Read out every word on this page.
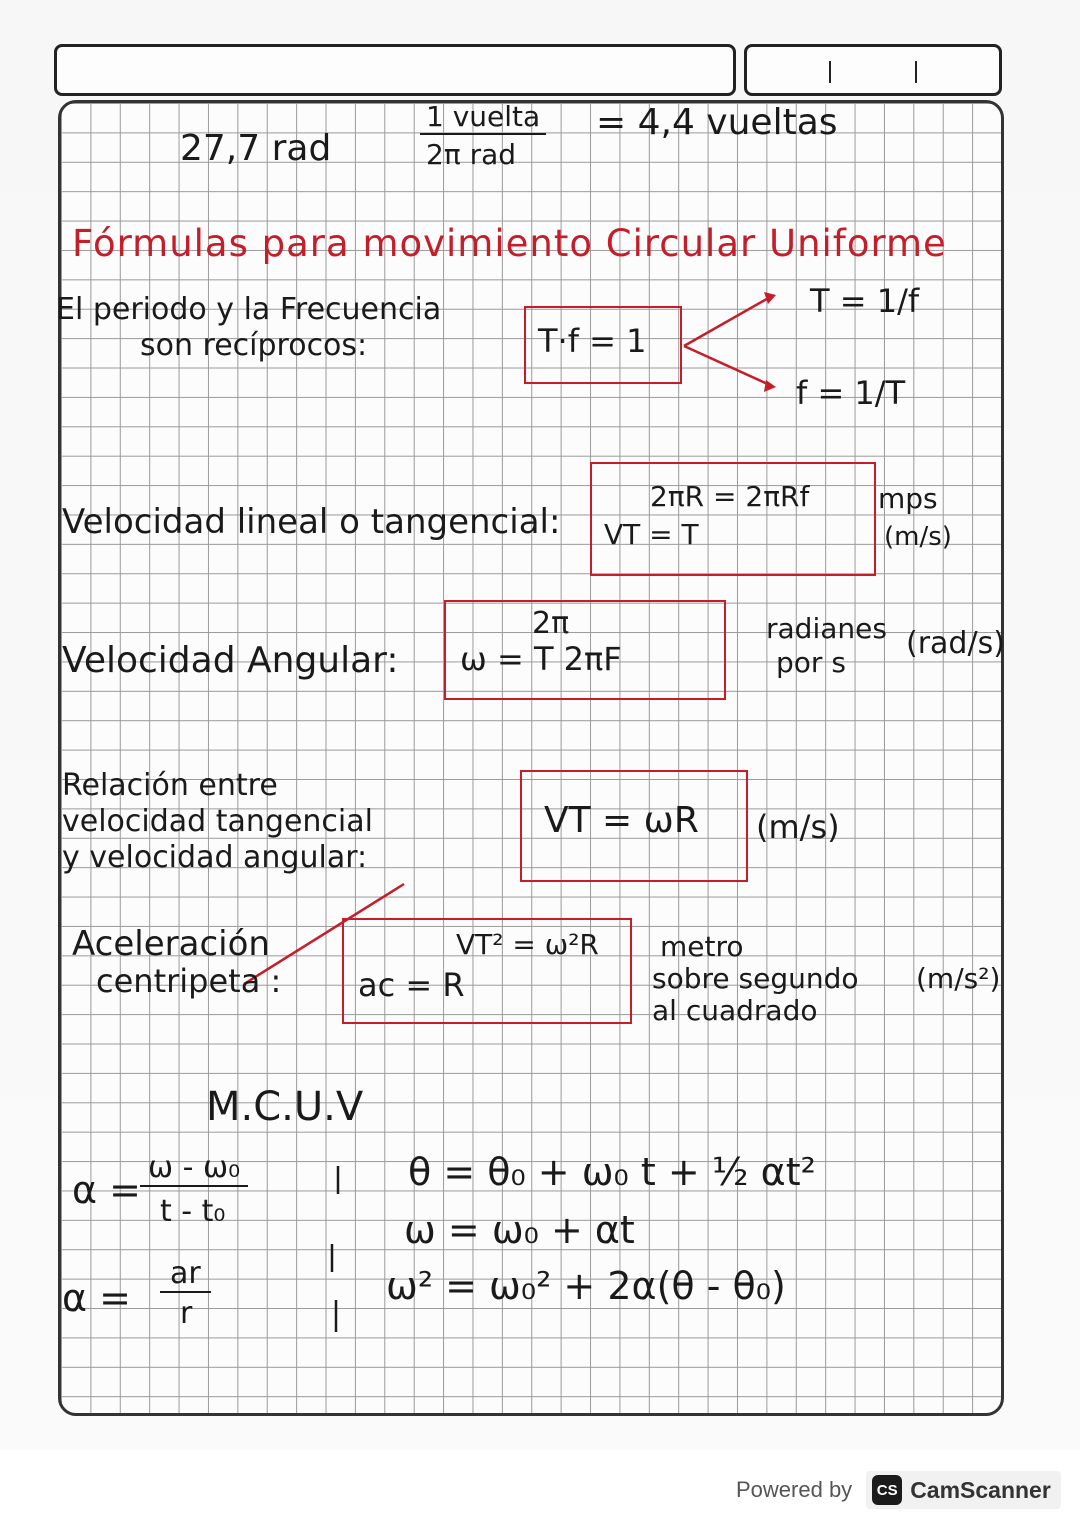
27,7 rad
1 vuelta
2π rad
= 4,4 vueltas
Fórmulas para movimiento Circular Uniforme
El periodo y la Frecuencia
son recíprocos:	T·f = 1
T = 1/f
f = 1/T
Velocidad lineal o tangencial:
2πR = 2πRf
VT = T
mps
(m/s)
Velocidad Angular:
2π
ω = T 2πF
radianes
por s
(rad/s)
Relación entre
velocidad tangencial
y velocidad angular:
VT = ωR (m/s)
Aceleración
centripeta :
VT² = ω²R
ac = R
metro
sobre segundo
al cuadrado
(m/s²)
M.C.U.V
α =
ω - ω₀
t - t₀
α =
ar
r
θ = θ₀ + ω₀ t + ½ αt²
ω = ω₀ + αt
ω² = ω₀² + 2α(θ - θ₀)
Powered by	CS CamScanner
